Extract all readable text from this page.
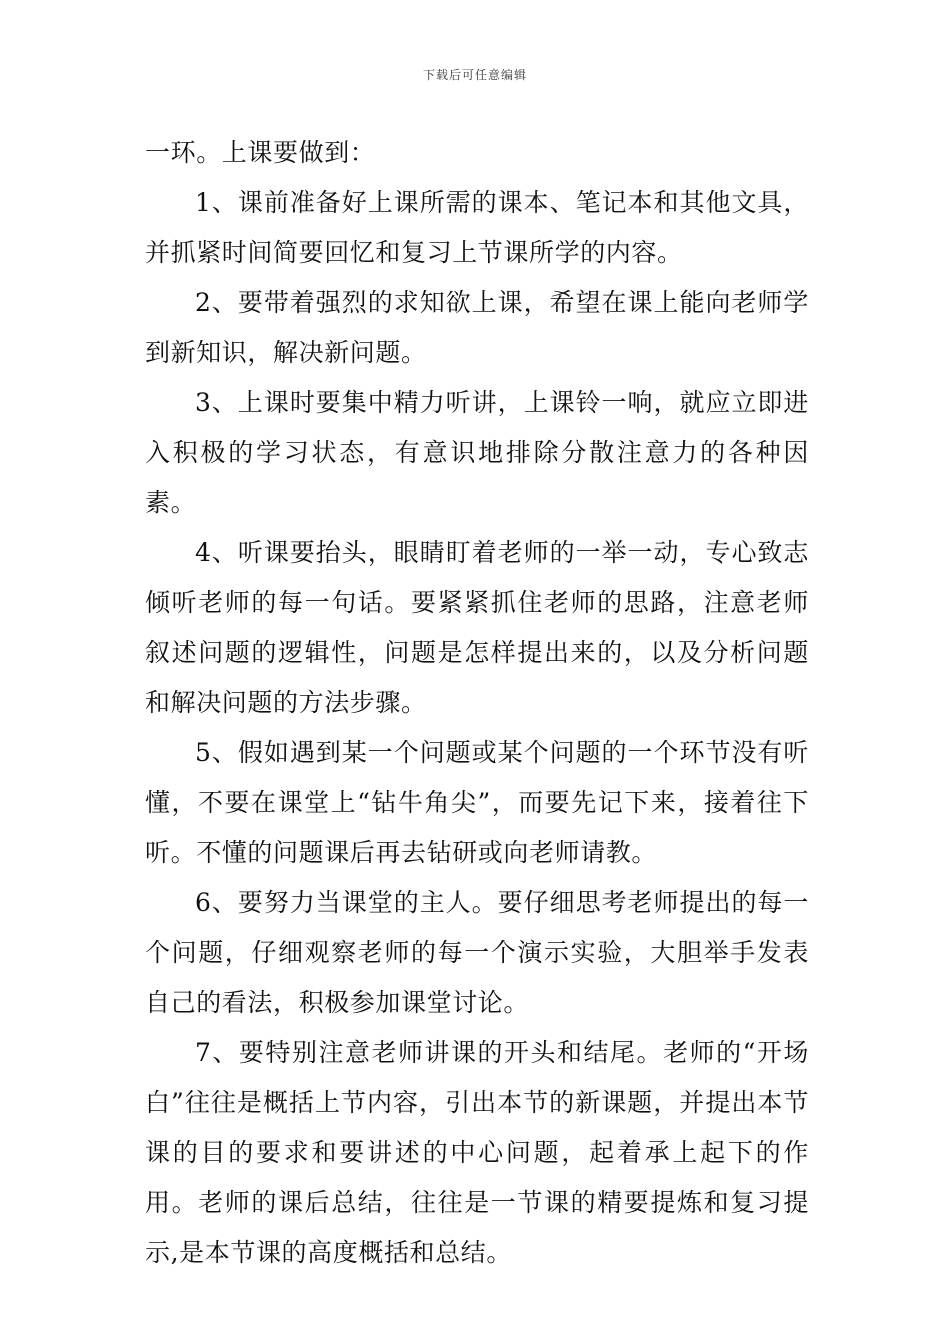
下载后可任意编辑

一环。上课要做到：

1、课前准备好上课所需的课本、笔记本和其他文具，并抓紧时间简要回忆和复习上节课所学的内容。

2、要带着强烈的求知欲上课，希望在课上能向老师学到新知识，解决新问题。

3、上课时要集中精力听讲，上课铃一响，就应立即进入积极的学习状态，有意识地排除分散注意力的各种因素。

4、听课要抬头，眼睛盯着老师的一举一动，专心致志倾听老师的每一句话。要紧紧抓住老师的思路，注意老师叙述问题的逻辑性，问题是怎样提出来的，以及分析问题和解决问题的方法步骤。

5、假如遇到某一个问题或某个问题的一个环节没有听懂，不要在课堂上“钻牛角尖”，而要先记下来，接着往下听。不懂的问题课后再去钻研或向老师请教。

6、要努力当课堂的主人。要仔细思考老师提出的每一个问题，仔细观察老师的每一个演示实验，大胆举手发表自己的看法，积极参加课堂讨论。

7、要特别注意老师讲课的开头和结尾。老师的“开场白”往往是概括上节内容，引出本节的新课题，并提出本节课的目的要求和要讲述的中心问题，起着承上起下的作用。老师的课后总结，往往是一节课的精要提炼和复习提示,是本节课的高度概括和总结。
